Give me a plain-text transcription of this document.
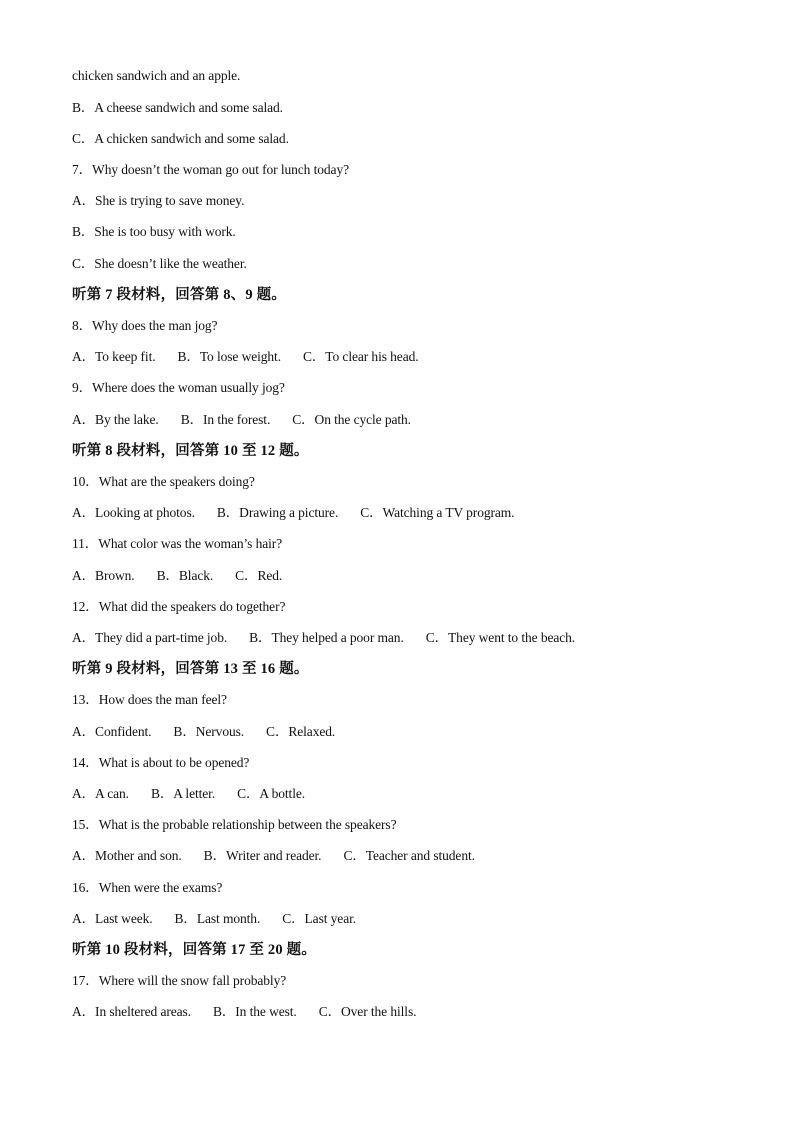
chicken sandwich and an apple.
B．A cheese sandwich and some salad.
C．A chicken sandwich and some salad.
7．Why doesn’t the woman go out for lunch today?
A．She is trying to save money.
B．She is too busy with work.
C．She doesn’t like the weather.
听第 7 段材料，回答第 8、9 题。
8．Why does the man jog?
A．To keep fit. B．To lose weight. C．To clear his head.
9．Where does the woman usually jog?
A．By the lake. B．In the forest. C．On the cycle path.
听第 8 段材料，回答第 10 至 12 题。
10．What are the speakers doing?
A．Looking at photos. B．Drawing a picture. C．Watching a TV program.
11．What color was the woman’s hair?
A．Brown. B．Black. C．Red.
12．What did the speakers do together?
A．They did a part-time job. B．They helped a poor man. C．They went to the beach.
听第 9 段材料，回答第 13 至 16 题。
13．How does the man feel?
A．Confident. B．Nervous. C．Relaxed.
14．What is about to be opened?
A．A can. B．A letter. C．A bottle.
15．What is the probable relationship between the speakers?
A．Mother and son. B．Writer and reader. C．Teacher and student.
16．When were the exams?
A．Last week. B．Last month. C．Last year.
听第 10 段材料，回答第 17 至 20 题。
17．Where will the snow fall probably?
A．In sheltered areas. B．In the west. C．Over the hills.
